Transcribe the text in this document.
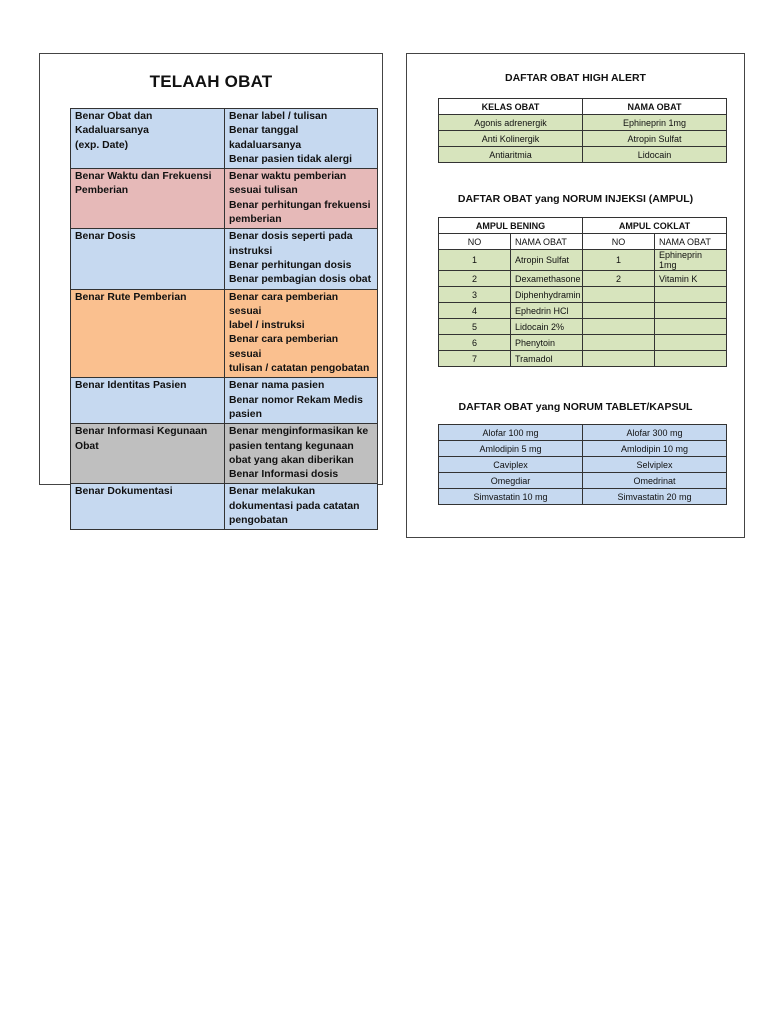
TELAAH OBAT
Benar Obat dan
Kadaluarsanya
(exp. Date)	Benar label / tulisan
Benar tanggal kadaluarsanya
Benar pasien tidak alergi

Benar Waktu dan Frekuensi
Pemberian	Benar waktu pemberian
sesuai tulisan
Benar perhitungan frekuensi
pemberian

Benar Dosis	Benar dosis seperti pada
instruksi
Benar perhitungan dosis
Benar pembagian dosis obat

Benar Rute Pemberian	Benar cara pemberian sesuai
label / instruksi
Benar cara pemberian sesuai
tulisan / catatan pengobatan

Benar Identitas Pasien	Benar nama pasien
Benar nomor Rekam Medis
pasien

Benar Informasi Kegunaan
Obat	Benar menginformasikan ke
pasien tentang kegunaan
obat yang akan diberikan
Benar Informasi dosis

Benar Dokumentasi	Benar melakukan
dokumentasi pada catatan
pengobatan
DAFTAR OBAT HIGH ALERT
KELAS OBAT	NAMA OBAT
Agonis adrenergik	Ephineprin 1mg
Anti Kolinergik	Atropin Sulfat
Antiaritmia	Lidocain
DAFTAR OBAT yang NORUM INJEKSI (AMPUL)
AMPUL BENING		AMPUL COKLAT	
NO	NAMA OBAT	NO	NAMA OBAT
1	Atropin Sulfat	1	Ephineprin 1mg
2	Dexamethasone	2	Vitamin K
3	Diphenhydramin		
4	Ephedrin HCl		
5	Lidocain 2%		
6	Phenytoin		
7	Tramadol		
DAFTAR OBAT yang NORUM TABLET/KAPSUL
Alofar 100 mg	Alofar 300 mg
Amlodipin 5 mg	Amlodipin 10 mg
Caviplex	Selviplex
Omegdiar	Omedrinat
Simvastatin 10 mg	Simvastatin 20 mg
